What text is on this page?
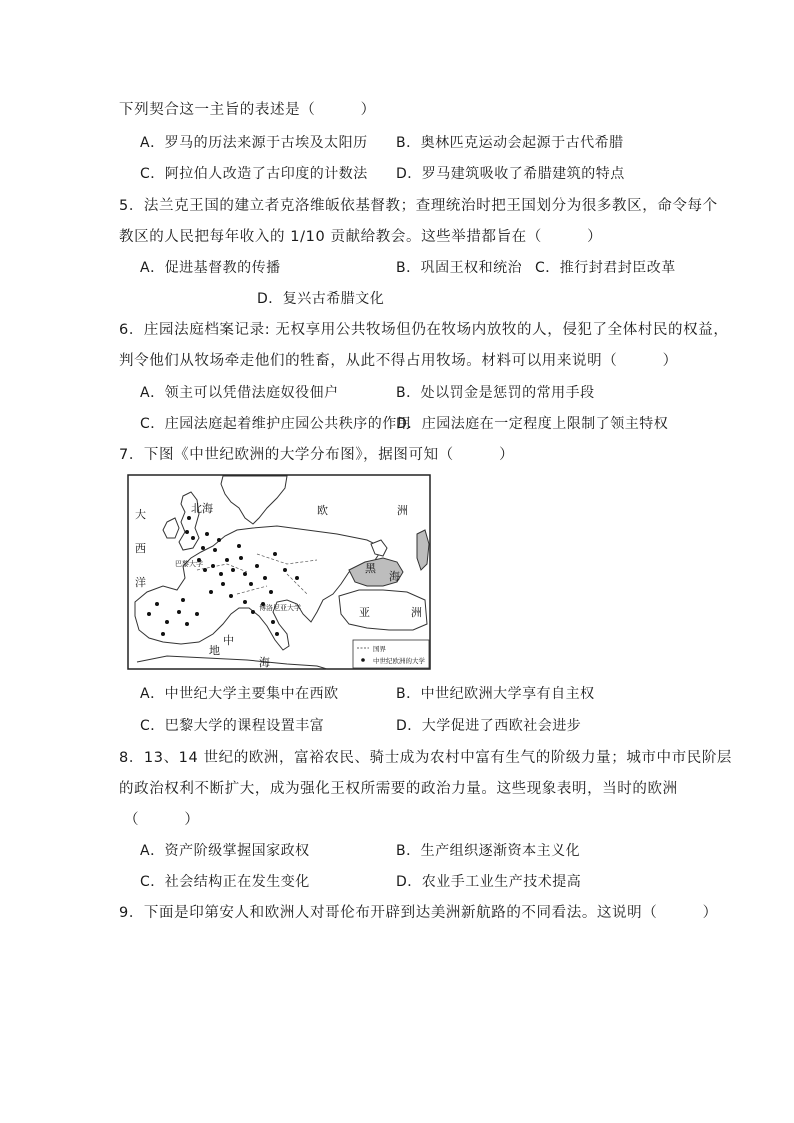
下列契合这一主旨的表述是（　　　）
A．罗马的历法来源于古埃及太阳历 B．奥林匹克运动会起源于古代希腊
C．阿拉伯人改造了古印度的计数法 D．罗马建筑吸收了希腊建筑的特点
5．法兰克王国的建立者克洛维皈依基督教；查理统治时把王国划分为很多教区，命令每个
教区的人民把每年收入的 1/10 贡献给教会。这些举措都旨在（　　　）
A．促进基督教的传播	B．巩固王权和统治 C．推行封君封臣改革
D．复兴古希腊文化
6．庄园法庭档案记录: 无权享用公共牧场但仍在牧场内放牧的人，侵犯了全体村民的权益，
判令他们从牧场牵走他们的牲畜，从此不得占用牧场。材料可以用来说明（　　　）
A．领主可以凭借法庭奴役佃户	B．处以罚金是惩罚的常用手段
C．庄园法庭起着维护庄园公共秩序的作用
D．庄园法庭在一定程度上限制了领主特权
7．下图《中世纪欧洲的大学分布图》，据图可知（　　　）
大
西
洋
北海	欧	洲
黑
海
亚	洲
地
中
海
巴黎大学
博洛尼亚大学
国界
中世纪欧洲的大学
A．中世纪大学主要集中在西欧	B．中世纪欧洲大学享有自主权
C．巴黎大学的课程设置丰富	D．大学促进了西欧社会进步
8．13、14 世纪的欧洲，富裕农民、骑士成为农村中富有生气的阶级力量；城市中市民阶层
的政治权利不断扩大，成为强化王权所需要的政治力量。这些现象表明，当时的欧洲
（　　　）
A．资产阶级掌握国家政权	B．生产组织逐渐资本主义化
C．社会结构正在发生变化	D．农业手工业生产技术提高
9．下面是印第安人和欧洲人对哥伦布开辟到达美洲新航路的不同看法。这说明（　　　）
